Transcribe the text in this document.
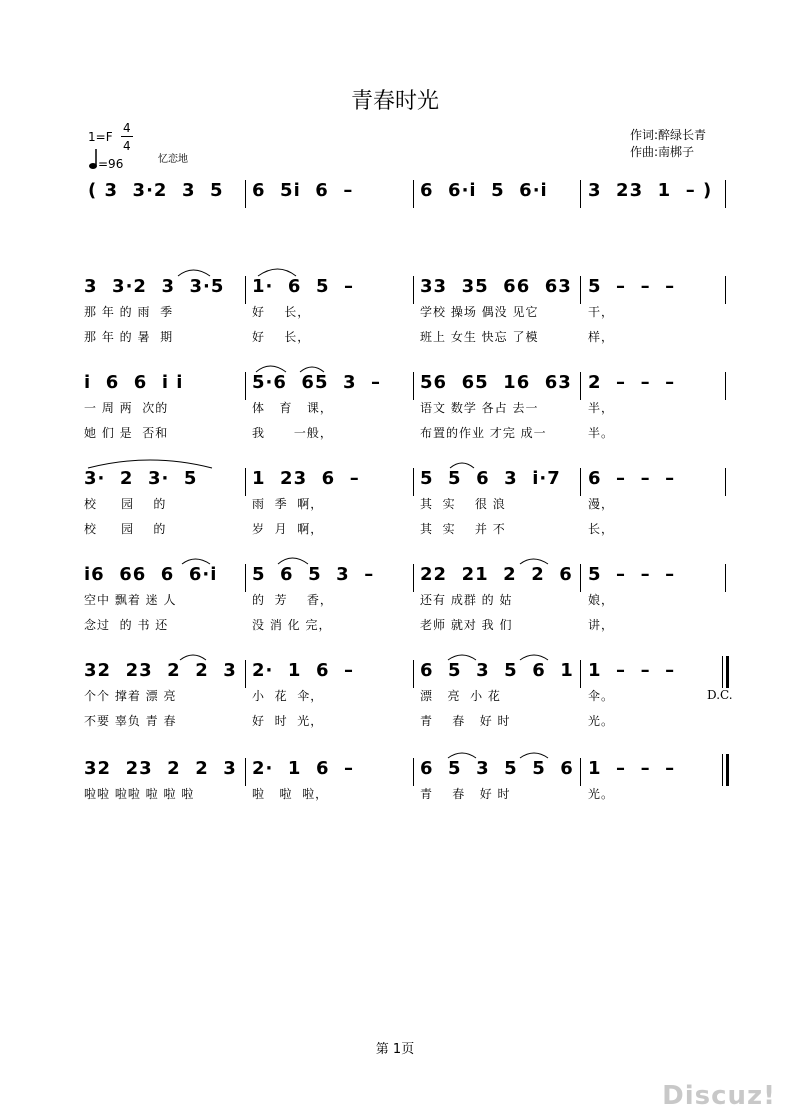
青春时光
1=F
4
4
=96	忆恋地
作词:醉绿长青
作曲:南梆子
( 3  3·2  3  5 6  5i  6  –	6  6·i  5  6·i 3  23  1  – )
3  3·2  3  3·5 1·  6  5  –	33  35  66  63 5  –  –  –
那 年 的 雨  季	好    长，	学校 操场 偶没 见它	干，
那 年 的 暑  期	好    长，	班上 女生 快忘 了模	样，
i  6  6  i i	5·6  65  3  – 56  65  16  63 2  –  –  –
一 周 两  次的	体   育   课，	语文 数学 各占 去一	半，
她 们 是  否和	我      一般，	布置的作业 才完 成一	半。
3·  2  3·  5	1  23  6  –	5  5  6  3  i·7 6  –  –  –
校     园    的	雨  季  啊，	其  实    很 浪	漫，
校     园    的	岁  月  啊，	其  实    并 不	长，
i6  66  6  6·i 5  6  5  3  –	22  21  2  2  6 5  –  –  –
空中 飘着 迷 人	的  芳    香，	还有 成群 的 姑	娘，
念过  的 书 还	没 消 化 完，	老师 就对 我 们	讲，
32  23  2  2  3 2·  1  6  –	6  5  3  5  6  1 1  –  –  –
D.C.
个个 撑着 漂 亮	小  花  伞，	漂   亮  小 花	伞。
不要 辜负 青 春	好  时  光，	青    春   好 时	光。
32  23  2  2  3 2·  1  6  –	6  5  3  5  5  6 1  –  –  –
啦啦 啦啦 啦 啦 啦	啦   啦  啦，	青    春   好 时	光。
第 1页
Discuz!
